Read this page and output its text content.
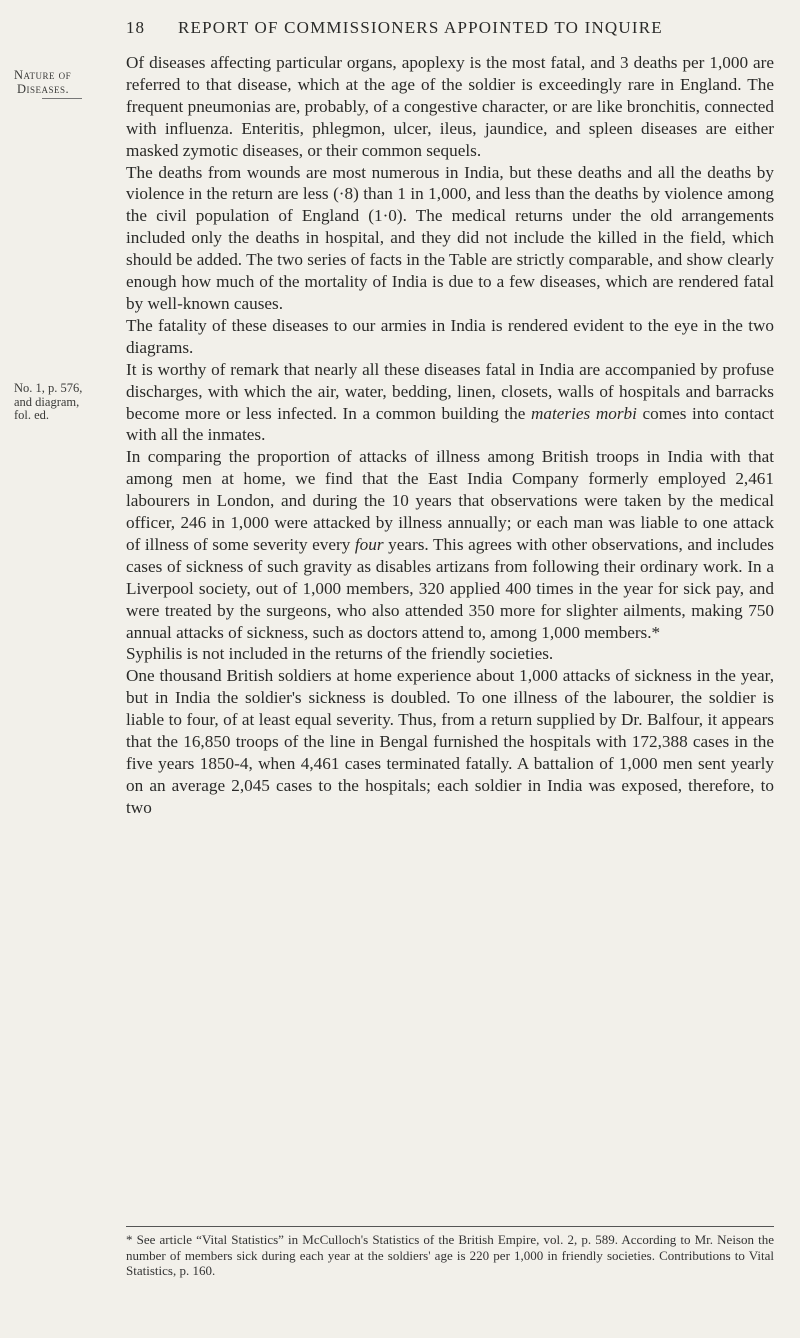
18 REPORT OF COMMISSIONERS APPOINTED TO INQUIRE
Nature of
Diseases.
No. 1, p. 576,
and diagram,
fol. ed.

Of diseases affecting particular organs, apoplexy is the most fatal, and 3 deaths per 1,000 are referred to that disease, which at the age of the soldier is exceedingly rare in England. The frequent pneumonias are, probably, of a congestive character, or are like bronchitis, connected with influenza. Enteritis, phlegmon, ulcer, ileus, jaundice, and spleen diseases are either masked zymotic diseases, or their common sequels.

The deaths from wounds are most numerous in India, but these deaths and all the deaths by violence in the return are less (·8) than 1 in 1,000, and less than the deaths by violence among the civil population of England (1·0). The medical returns under the old arrangements included only the deaths in hospital, and they did not include the killed in the field, which should be added. The two series of facts in the Table are strictly comparable, and show clearly enough how much of the mortality of India is due to a few diseases, which are rendered fatal by well-known causes.

The fatality of these diseases to our armies in India is rendered evident to the eye in the two diagrams.

It is worthy of remark that nearly all these diseases fatal in India are accompanied by profuse discharges, with which the air, water, bedding, linen, closets, walls of hospitals and barracks become more or less infected. In a common building the materies morbi comes into contact with all the inmates.

In comparing the proportion of attacks of illness among British troops in India with that among men at home, we find that the East India Company formerly employed 2,461 labourers in London, and during the 10 years that observations were taken by the medical officer, 246 in 1,000 were attacked by illness annually; or each man was liable to one attack of illness of some severity every four years. This agrees with other observations, and includes cases of sickness of such gravity as disables artizans from following their ordinary work. In a Liverpool society, out of 1,000 members, 320 applied 400 times in the year for sick pay, and were treated by the surgeons, who also attended 350 more for slighter ailments, making 750 annual attacks of sickness, such as doctors attend to, among 1,000 members.*

Syphilis is not included in the returns of the friendly societies.

One thousand British soldiers at home experience about 1,000 attacks of sickness in the year, but in India the soldier's sickness is doubled. To one illness of the labourer, the soldier is liable to four, of at least equal severity. Thus, from a return supplied by Dr. Balfour, it appears that the 16,850 troops of the line in Bengal furnished the hospitals with 172,388 cases in the five years 1850-4, when 4,461 cases terminated fatally. A battalion of 1,000 men sent yearly on an average 2,045 cases to the hospitals; each soldier in India was exposed, therefore, to two

* See article “Vital Statistics” in McCulloch's Statistics of the British Empire, vol. 2, p. 589. According to Mr. Neison the number of members sick during each year at the soldiers' age is 220 per 1,000 in friendly societies. Contributions to Vital Statistics, p. 160.
